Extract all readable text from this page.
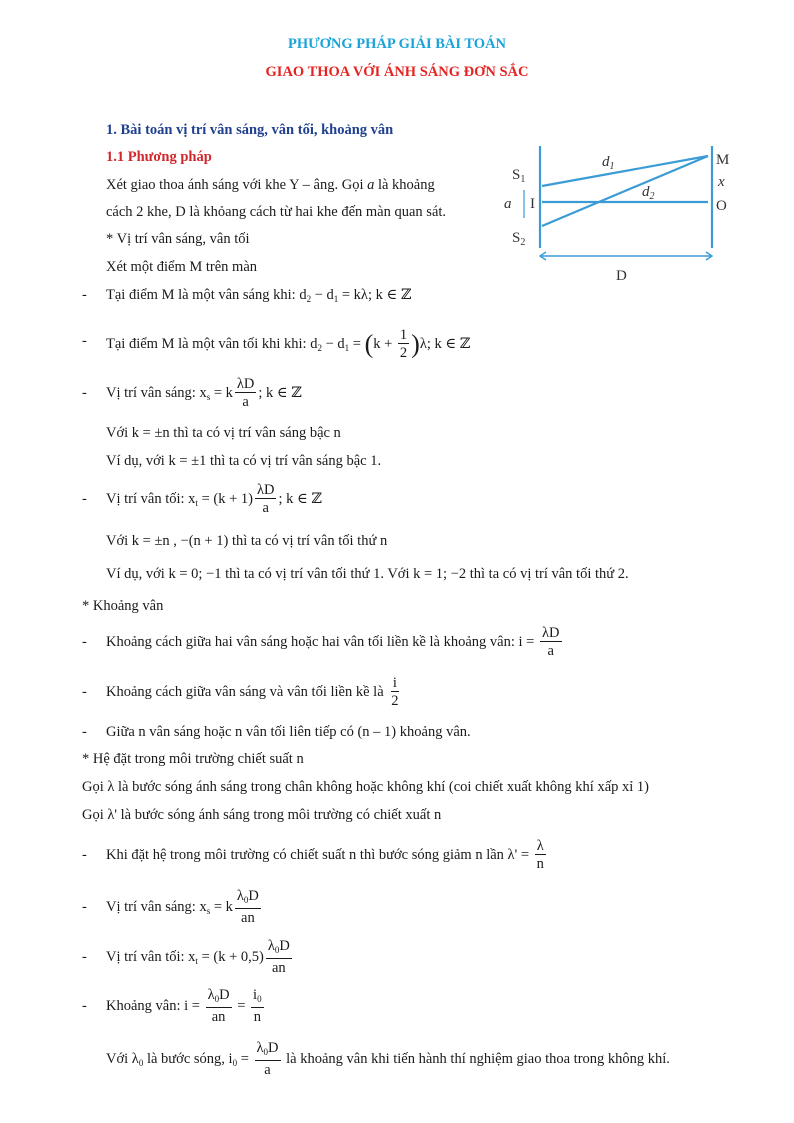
PHƯƠNG PHÁP GIẢI BÀI TOÁN
GIAO THOA VỚI ÁNH SÁNG ĐƠN SẮC
1. Bài toán vị trí vân sáng, vân tối, khoảng vân
1.1 Phương pháp
Xét giao thoa ánh sáng với khe Y – âng. Gọi a là khoảng
cách 2 khe, D là khỏang cách từ hai khe đến màn quan sát.
* Vị trí vân sáng, vân tối
Xét một điểm M trên màn
$S_1$
$S_2$
I
a
M
x
O
D
$d_1$
$d_2$
-	Tại điểm M là một vân sáng khi: $d_2 - d_1 = k\lambda$; k ∈ ℤ
-	Tại điểm M là một vân tối khi khi: $d_2 - d_1 = (k + \frac{1}{2} )\lambda$; k ∈ ℤ
-	Vị trí vân sáng: $x_s = k \frac{\lambda D}{a}$ ; k ∈ ℤ
Với k = ±n thì ta có vị trí vân sáng bậc n
Ví dụ, với k = ±1 thì ta có vị trí vân sáng bậc 1.
-	Vị trí vân tối: $x_t = (k + 1) \frac{\lambda D}{a}$ ; k ∈ ℤ
Với k = ±n , −(n + 1) thì ta có vị trí vân tối thứ n
Ví dụ, với k = 0; −1 thì ta có vị trí vân tối thứ 1. Với k = 1; −2 thì ta có vị trí vân tối thứ 2.
* Khoảng vân
-	Khoảng cách giữa hai vân sáng hoặc hai vân tối liền kề là khoảng vân: $i = \frac{\lambda D}{a}$
-	Khoảng cách giữa vân sáng và vân tối liền kề là $\frac{i}{2}$
-	Giữa n vân sáng hoặc n vân tối liên tiếp có (n – 1) khoảng vân.
* Hệ đặt trong môi trường chiết suất n
Gọi λ là bước sóng ánh sáng trong chân không hoặc không khí (coi chiết xuất không khí xấp xỉ 1)
Gọi λ' là bước sóng ánh sáng trong môi trường có chiết xuất n
-	Khi đặt hệ trong môi trường có chiết suất n thì bước sóng giảm n lần $\lambda' = \frac{\lambda}{n}$
-	Vị trí vân sáng: $x_s = k \frac{\lambda_0D}{an}$
-	Vị trí vân tối: $x_t = (k + 0,5) \frac{\lambda_0D}{an}$
-	Khoảng vân: $i = \frac{\lambda_0D}{an} = \frac{i_0}{n}$
Với $\lambda_0$ là bước sóng, $i_0 = \frac{\lambda_0D}{a}$ là khoảng vân khi tiến hành thí nghiệm giao thoa trong không khí.
